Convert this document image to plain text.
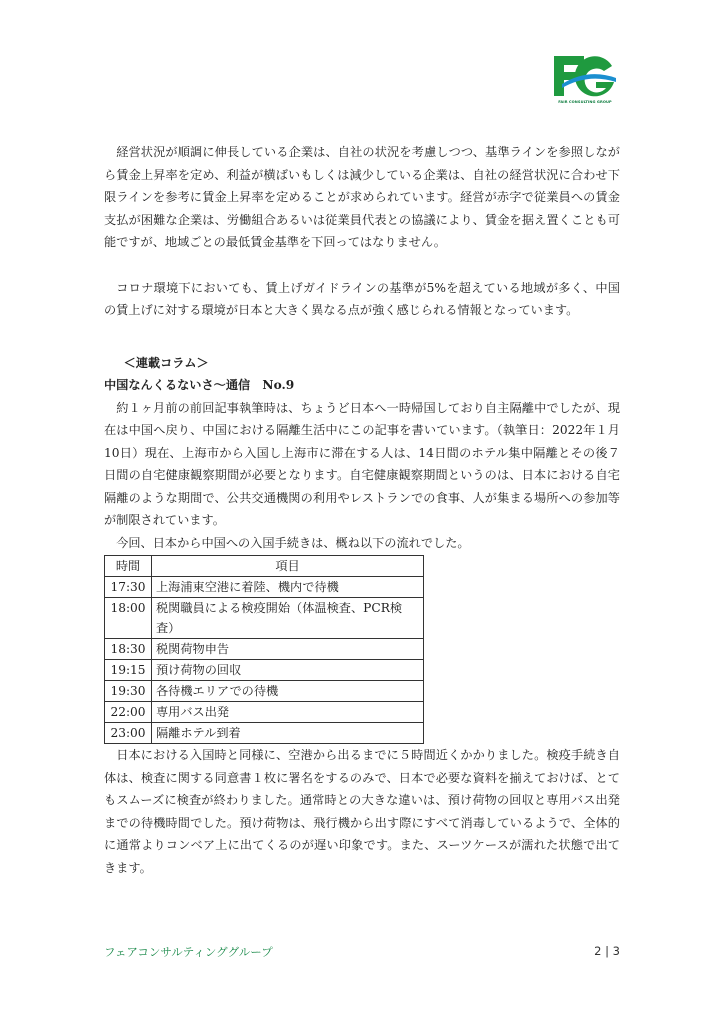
FAIR CONSULTING GROUP

経営状況が順調に伸長している企業は、自社の状況を考慮しつつ、基準ラインを参照しながら賃金上昇率を定め、利益が横ばいもしくは減少している企業は、自社の経営状況に合わせ下限ラインを参考に賃金上昇率を定めることが求められています。経営が赤字で従業員への賃金支払が困難な企業は、労働組合あるいは従業員代表との協議により、賃金を据え置くことも可能ですが、地域ごとの最低賃金基準を下回ってはなりません。

コロナ環境下においても、賃上げガイドラインの基準が5%を超えている地域が多く、中国の賃上げに対する環境が日本と大きく異なる点が強く感じられる情報となっています。

＜連載コラム＞

中国なんくるないさ～通信　No.9

約１ヶ月前の前回記事執筆時は、ちょうど日本へ一時帰国しており自主隔離中でしたが、現在は中国へ戻り、中国における隔離生活中にこの記事を書いています。（執筆日：2022年１月10日）現在、上海市から入国し上海市に滞在する人は、14日間のホテル集中隔離とその後７日間の自宅健康観察期間が必要となります。自宅健康観察期間というのは、日本における自宅隔離のような期間で、公共交通機関の利用やレストランでの食事、人が集まる場所への参加等が制限されています。

今回、日本から中国への入国手続きは、概ね以下の流れでした。

時間	項目
17:30	上海浦東空港に着陸、機内で待機
18:00	税関職員による検疫開始（体温検査、PCR検査）
18:30	税関荷物申告
19:15	預け荷物の回収
19:30	各待機エリアでの待機
22:00	専用バス出発
23:00	隔離ホテル到着

日本における入国時と同様に、空港から出るまでに５時間近くかかりました。検疫手続き自体は、検査に関する同意書１枚に署名をするのみで、日本で必要な資料を揃えておけば、とてもスムーズに検査が終わりました。通常時との大きな違いは、預け荷物の回収と専用バス出発までの待機時間でした。預け荷物は、飛行機から出す際にすべて消毒しているようで、全体的に通常よりコンベア上に出てくるのが遅い印象です。また、スーツケースが濡れた状態で出てきます。

フェアコンサルティンググループ	2 | 3
